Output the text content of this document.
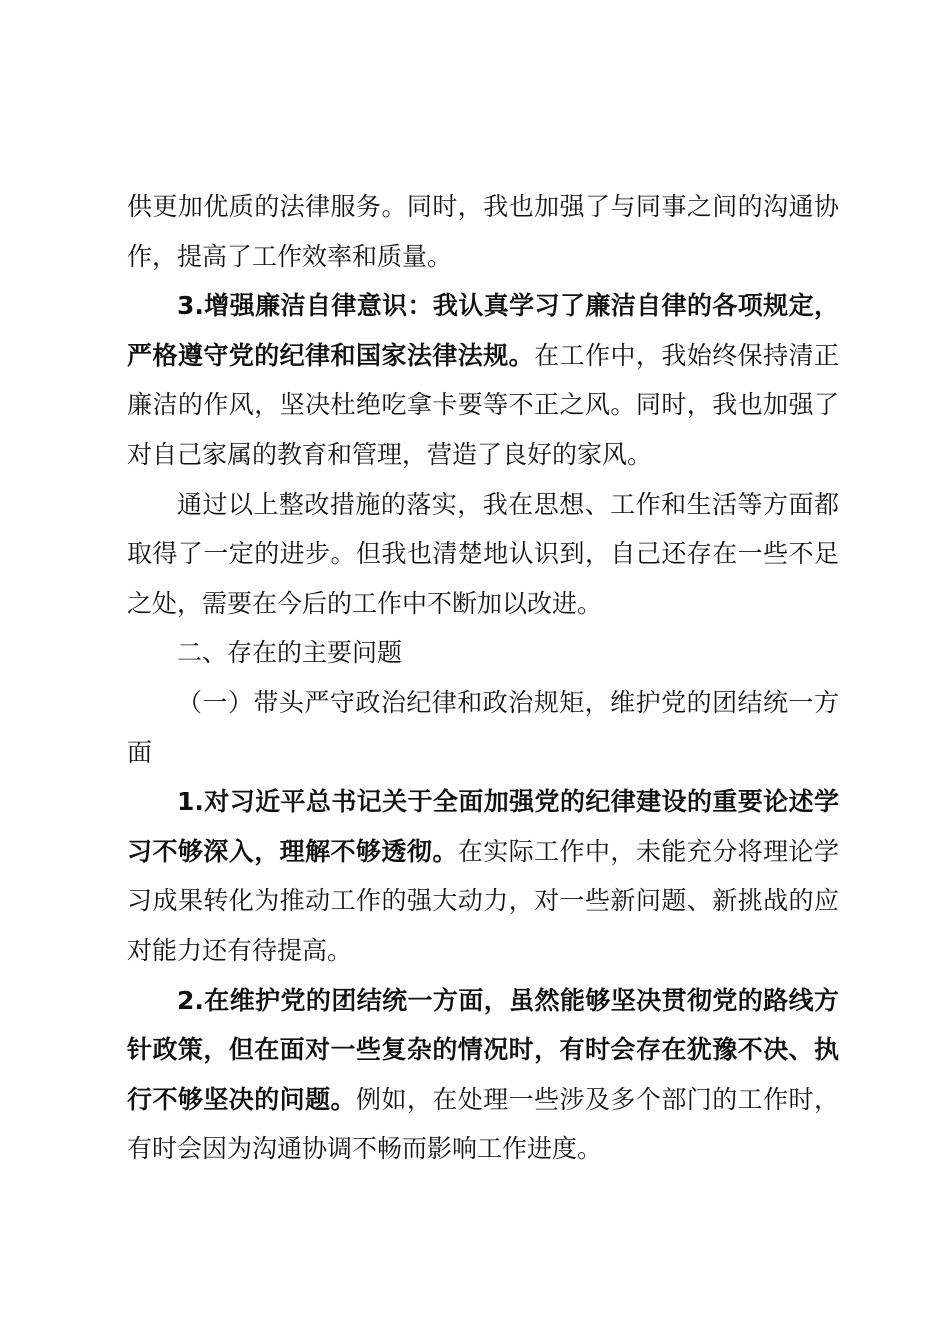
供更加优质的法律服务。同时，我也加强了与同事之间的沟通协作，提高了工作效率和质量。

3.增强廉洁自律意识：我认真学习了廉洁自律的各项规定，严格遵守党的纪律和国家法律法规。在工作中，我始终保持清正廉洁的作风，坚决杜绝吃拿卡要等不正之风。同时，我也加强了对自己家属的教育和管理，营造了良好的家风。

通过以上整改措施的落实，我在思想、工作和生活等方面都取得了一定的进步。但我也清楚地认识到，自己还存在一些不足之处，需要在今后的工作中不断加以改进。

二、存在的主要问题

（一）带头严守政治纪律和政治规矩，维护党的团结统一方面

1.对习近平总书记关于全面加强党的纪律建设的重要论述学习不够深入，理解不够透彻。在实际工作中，未能充分将理论学习成果转化为推动工作的强大动力，对一些新问题、新挑战的应对能力还有待提高。

2.在维护党的团结统一方面，虽然能够坚决贯彻党的路线方针政策，但在面对一些复杂的情况时，有时会存在犹豫不决、执行不够坚决的问题。例如，在处理一些涉及多个部门的工作时，有时会因为沟通协调不畅而影响工作进度。
